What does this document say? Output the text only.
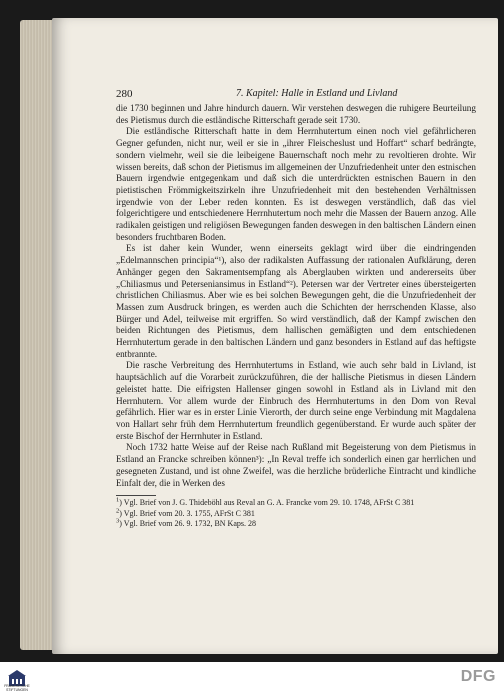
280	7. Kapitel: Halle in Estland und Livland

die 1730 beginnen und Jahre hindurch dauern. Wir verstehen deswegen die ruhigere Beurteilung des Pietismus durch die estländische Ritterschaft gerade seit 1730.

Die estländische Ritterschaft hatte in dem Herrnhutertum einen noch viel gefährlicheren Gegner gefunden, nicht nur, weil er sie in „ihrer Fleischeslust und Hoffart“ scharf bedrängte, sondern vielmehr, weil sie die leibeigene Bauernschaft noch mehr zu revoltieren drohte. Wir wissen bereits, daß schon der Pietismus im allgemeinen der Unzufriedenheit unter den estnischen Bauern irgendwie entgegenkam und daß sich die unterdrückten estnischen Bauern in den pietistischen Frömmigkeitszirkeln ihre Unzufriedenheit mit den bestehenden Verhältnissen irgendwie von der Leber reden konnten. Es ist deswegen verständlich, daß das viel folgerichtigere und entschiedenere Herrnhutertum noch mehr die Massen der Bauern anzog. Alle radikalen geistigen und religiösen Bewegungen fanden deswegen in den baltischen Ländern einen besonders fruchtbaren Boden.

Es ist daher kein Wunder, wenn einerseits geklagt wird über die eindringenden „Edelmannschen principia“¹), also der radikalsten Auffassung der rationalen Aufklärung, deren Anhänger gegen den Sakramentsempfang als Aberglauben wirkten und andererseits über „Chiliasmus und Peterseniansimus in Estland“²). Petersen war der Vertreter eines übersteigerten christlichen Chiliasmus. Aber wie es bei solchen Bewegungen geht, die die Unzufriedenheit der Massen zum Ausdruck bringen, es werden auch die Schichten der herrschenden Klasse, also Bürger und Adel, teilweise mit ergriffen. So wird verständlich, daß der Kampf zwischen den beiden Richtungen des Pietismus, dem hallischen gemäßigten und dem entschiedenen Herrnhutertum gerade in den baltischen Ländern und ganz besonders in Estland auf das heftigste entbrannte.

Die rasche Verbreitung des Herrnhutertums in Estland, wie auch sehr bald in Livland, ist hauptsächlich auf die Vorarbeit zurückzuführen, die der hallische Pietismus in diesen Ländern geleistet hatte. Die eifrigsten Hallenser gingen sowohl in Estland als in Livland mit den Herrnhutern. Vor allem wurde der Einbruch des Herrnhutertums in den Dom von Reval gefährlich. Hier war es in erster Linie Vierorth, der durch seine enge Verbindung mit Magdalena von Hallart sehr früh dem Herrnhutertum freundlich gegenüberstand. Er wurde auch später der erste Bischof der Herrnhuter in Estland.

Noch 1732 hatte Weise auf der Reise nach Rußland mit Begeisterung von dem Pietismus in Estland an Francke schreiben können³): „In Reval treffe ich sonderlich einen gar herrlichen und gesegneten Zustand, und ist ohne Zweifel, was die herzliche brüderliche Eintracht und kindliche Einfalt der, die in Werken des

$^1$) Vgl. Brief von J. G. Thideböhl aus Reval an G. A. Francke vom 29. 10. 1748, AFrSt C 381

$^2$) Vgl. Brief vom 20. 3. 1755, AFrSt C 381

$^3$) Vgl. Brief vom 26. 9. 1732, BN Kaps. 28

FRANCKESCHE STIFTUNGEN
DFG
